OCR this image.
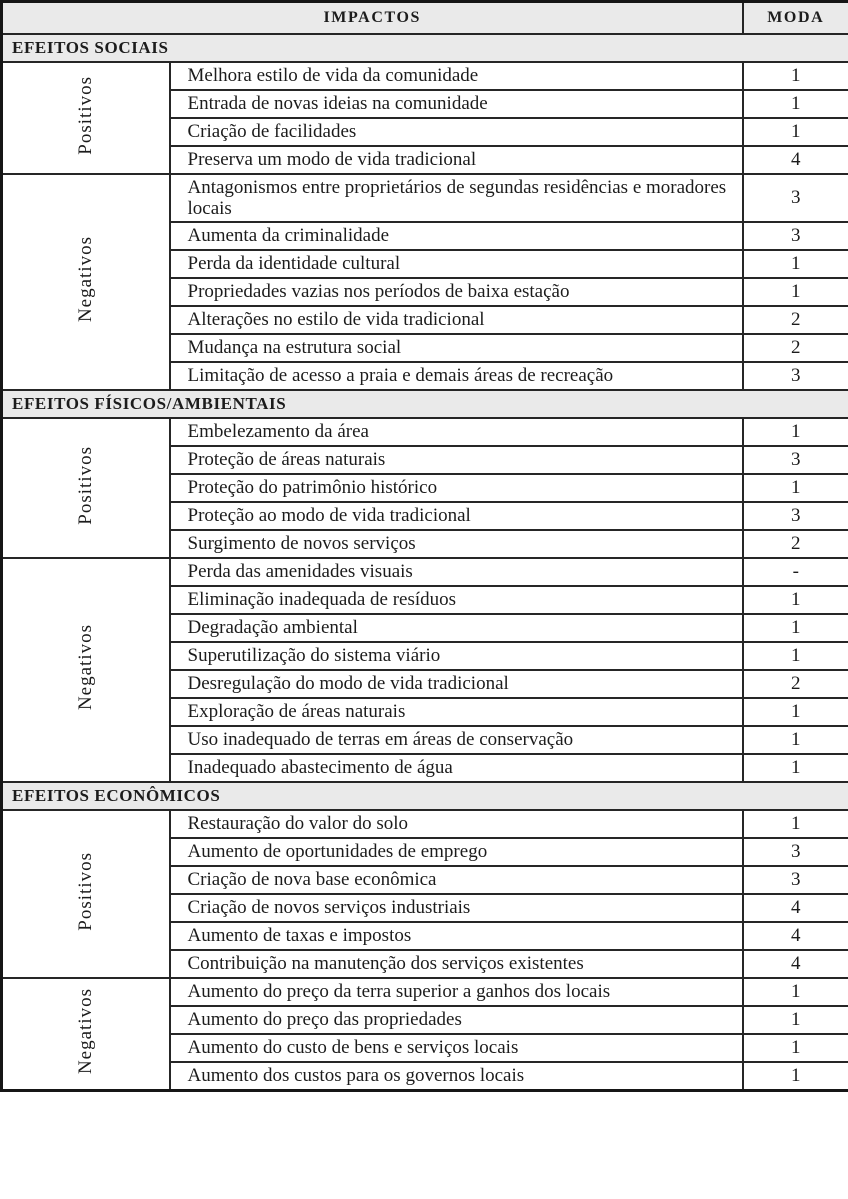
IMPACTOS		MODA
EFEITOS SOCIAIS		
Positivos	Melhora estilo de vida da comunidade	1
	Entrada de novas ideias na comunidade	1
	Criação de facilidades	1
	Preserva um modo de vida tradicional	4
Negativos	Antagonismos entre proprietários de segundas residências e moradores locais	3
	Aumenta da criminalidade	3
	Perda da identidade cultural	1
	Propriedades vazias nos períodos de baixa estação	1
	Alterações no estilo de vida tradicional	2
	Mudança na estrutura social	2
	Limitação de acesso a praia e demais áreas de recreação	3
EFEITOS FÍSICOS/AMBIENTAIS		
Positivos	Embelezamento da área	1
	Proteção de áreas naturais	3
	Proteção do patrimônio histórico	1
	Proteção ao modo de vida tradicional	3
	Surgimento de novos serviços	2
Negativos	Perda das amenidades visuais	-
	Eliminação inadequada de resíduos	1
	Degradação ambiental	1
	Superutilização do sistema viário	1
	Desregulação do modo de vida tradicional	2
	Exploração de áreas naturais	1
	Uso inadequado de terras em áreas de conservação	1
	Inadequado abastecimento de água	1
EFEITOS ECONÔMICOS		
Positivos	Restauração do valor do solo	1
	Aumento de oportunidades de emprego	3
	Criação de nova base econômica	3
	Criação de novos serviços industriais	4
	Aumento de taxas e impostos	4
	Contribuição na manutenção dos serviços existentes	4
Negativos	Aumento do preço da terra superior a ganhos dos locais	1
	Aumento do preço das propriedades	1
	Aumento do custo de bens e serviços locais	1
	Aumento dos custos para os governos locais	1
